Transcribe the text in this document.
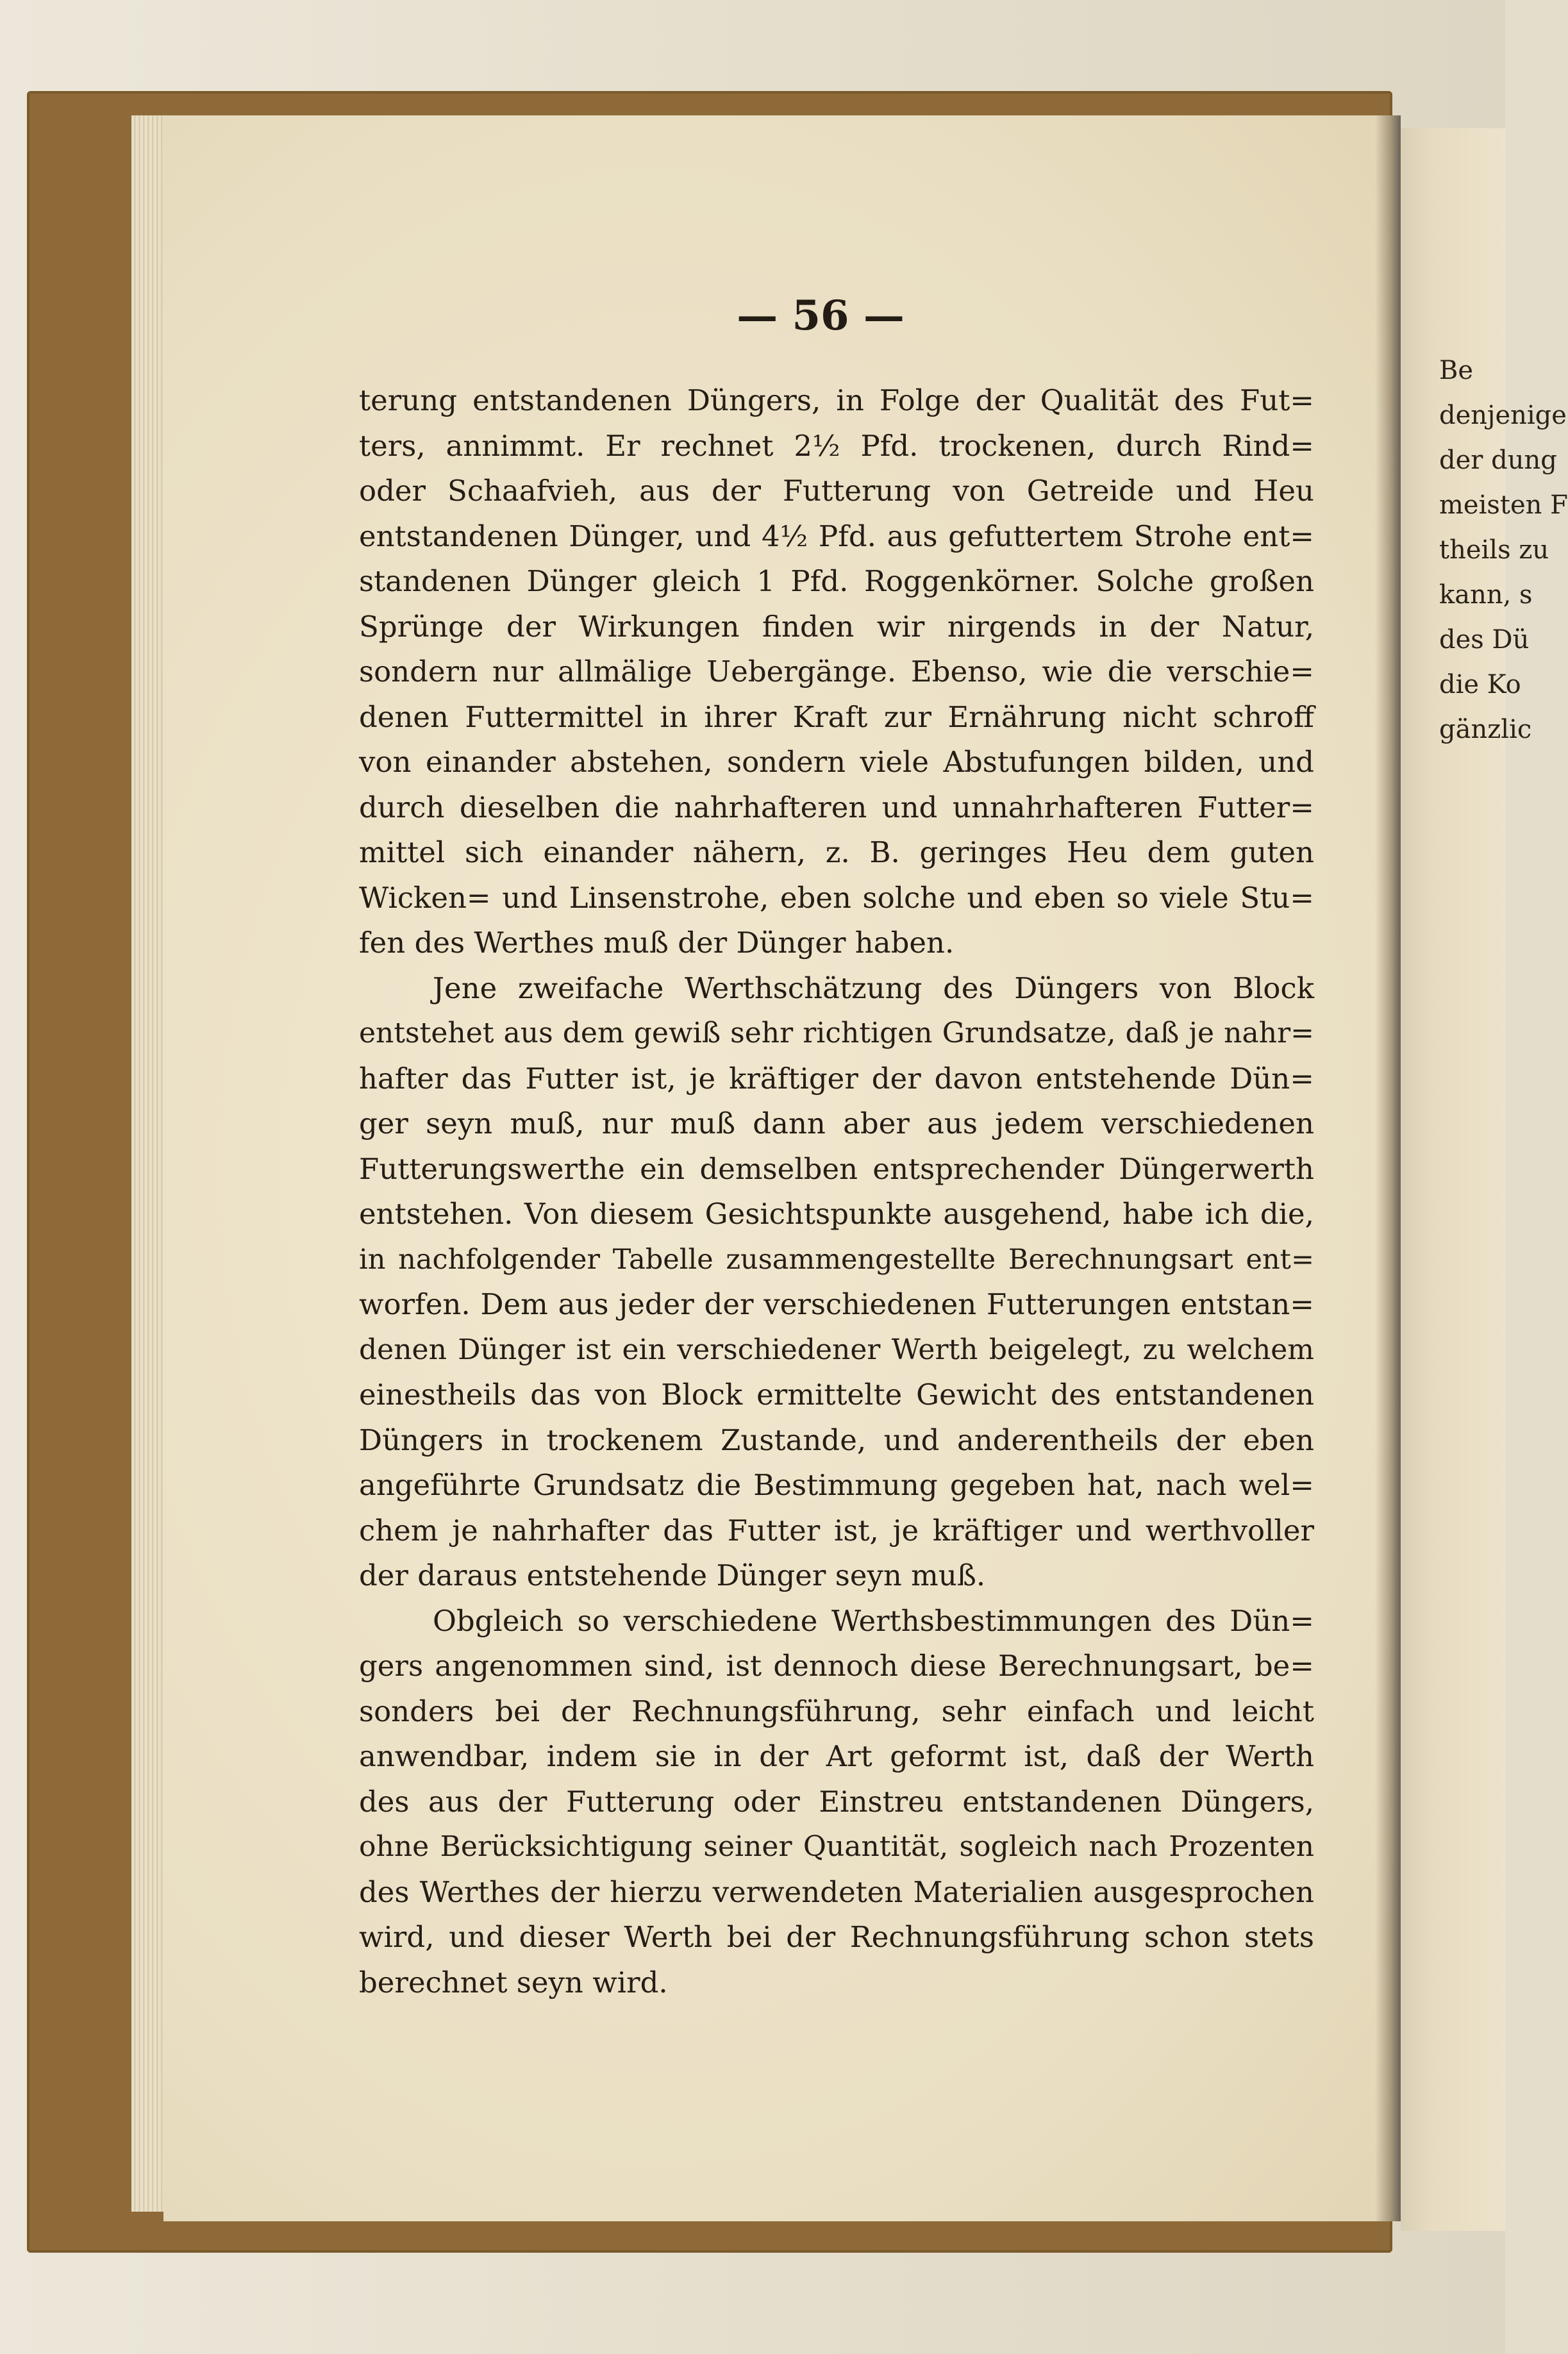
Be
denjenige
der dung
meisten F
theils zu
kann, s
des Dü
die Ko
gänzlic
— 56 —
terung entstandenen Düngers, in Folge der Qualität des Fut=
ters, annimmt. Er rechnet 2½ Pfd. trockenen, durch Rind=
oder Schaafvieh, aus der Futterung von Getreide und Heu
entstandenen Dünger, und 4½ Pfd. aus gefuttertem Strohe ent=
standenen Dünger gleich 1 Pfd. Roggenkörner. Solche großen
Sprünge der Wirkungen finden wir nirgends in der Natur,
sondern nur allmälige Uebergänge. Ebenso, wie die verschie=
denen Futtermittel in ihrer Kraft zur Ernährung nicht schroff
von einander abstehen, sondern viele Abstufungen bilden, und
durch dieselben die nahrhafteren und unnahrhafteren Futter=
mittel sich einander nähern, z. B. geringes Heu dem guten
Wicken= und Linsenstrohe, eben solche und eben so viele Stu=
fen des Werthes muß der Dünger haben.
Jene zweifache Werthschätzung des Düngers von Block
entstehet aus dem gewiß sehr richtigen Grundsatze, daß je nahr=
hafter das Futter ist, je kräftiger der davon entstehende Dün=
ger seyn muß, nur muß dann aber aus jedem verschiedenen
Futterungswerthe ein demselben entsprechender Düngerwerth
entstehen. Von diesem Gesichtspunkte ausgehend, habe ich die,
in nachfolgender Tabelle zusammengestellte Berechnungsart ent=
worfen. Dem aus jeder der verschiedenen Futterungen entstan=
denen Dünger ist ein verschiedener Werth beigelegt, zu welchem
einestheils das von Block ermittelte Gewicht des entstandenen
Düngers in trockenem Zustande, und anderentheils der eben
angeführte Grundsatz die Bestimmung gegeben hat, nach wel=
chem je nahrhafter das Futter ist, je kräftiger und werthvoller
der daraus entstehende Dünger seyn muß.
Obgleich so verschiedene Werthsbestimmungen des Dün=
gers angenommen sind, ist dennoch diese Berechnungsart, be=
sonders bei der Rechnungsführung, sehr einfach und leicht
anwendbar, indem sie in der Art geformt ist, daß der Werth
des aus der Futterung oder Einstreu entstandenen Düngers,
ohne Berücksichtigung seiner Quantität, sogleich nach Prozenten
des Werthes der hierzu verwendeten Materialien ausgesprochen
wird, und dieser Werth bei der Rechnungsführung schon stets
berechnet seyn wird.
